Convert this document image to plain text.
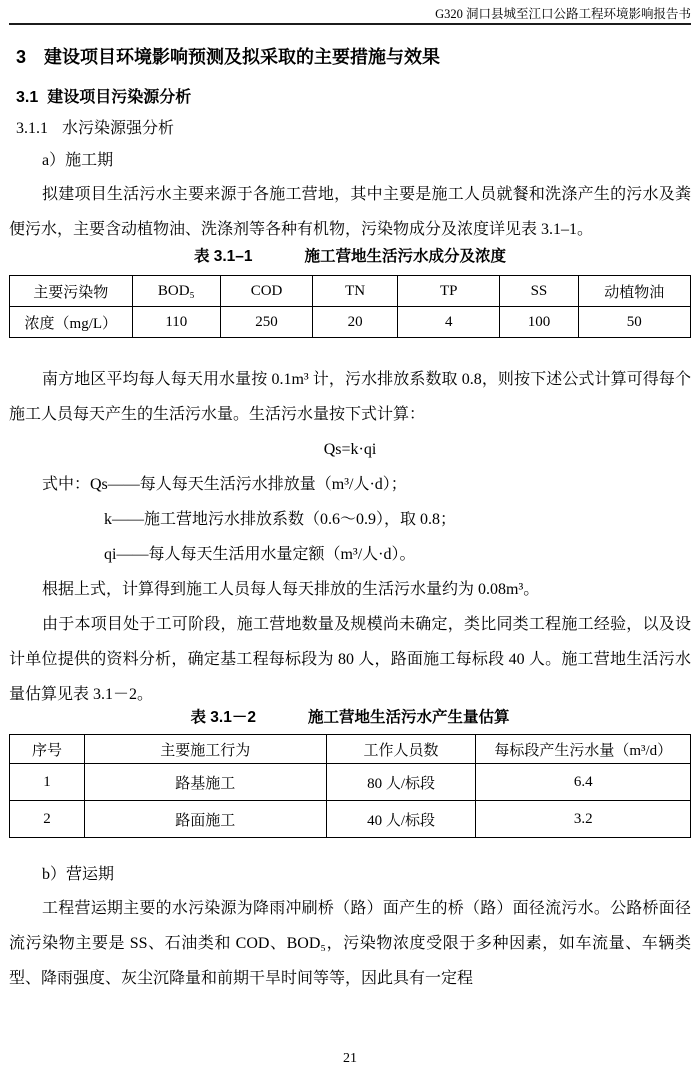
G320 洞口县城至江口公路工程环境影响报告书
3 建设项目环境影响预测及拟采取的主要措施与效果
3.1 建设项目污染源分析
3.1.1 水污染源强分析
a）施工期

拟建项目生活污水主要来源于各施工营地，其中主要是施工人员就餐和洗涤产生的污水及粪便污水，主要含动植物油、洗涤剂等各种有机物，污染物成分及浓度详见表 3.1–1。

表 3.1–1	施工营地生活污水成分及浓度
主要污染物	BOD₅	COD	TN	TP	SS	动植物油
浓度（mg/L）	110	250	20	4	100	50

南方地区平均每人每天用水量按 0.1m³ 计，污水排放系数取 0.8，则按下述公式计算可得每个施工人员每天产生的生活污水量。生活污水量按下式计算：

Qs=k·qi
式中：Qs——每人每天生活污水排放量（m³/人·d）；
k——施工营地污水排放系数（0.6～0.9），取 0.8；
qi——每人每天生活用水量定额（m³/人·d）。
根据上式，计算得到施工人员每人每天排放的生活污水量约为 0.08m³。

由于本项目处于工可阶段，施工营地数量及规模尚未确定，类比同类工程施工经验，以及设计单位提供的资料分析，确定基工程每标段为 80 人，路面施工每标段 40 人。施工营地生活污水量估算见表 3.1－2。

表 3.1－2	施工营地生活污水产生量估算
序号	主要施工行为	工作人员数	每标段产生污水量（m³/d）
1	路基施工	80 人/标段	6.4
2	路面施工	40 人/标段	3.2
b）营运期

工程营运期主要的水污染源为降雨冲刷桥（路）面产生的桥（路）面径流污水。公路桥面径流污染物主要是 SS、石油类和 COD、BOD₅，污染物浓度受限于多种因素，如车流量、车辆类型、降雨强度、灰尘沉降量和前期干旱时间等等，因此具有一定程

21
